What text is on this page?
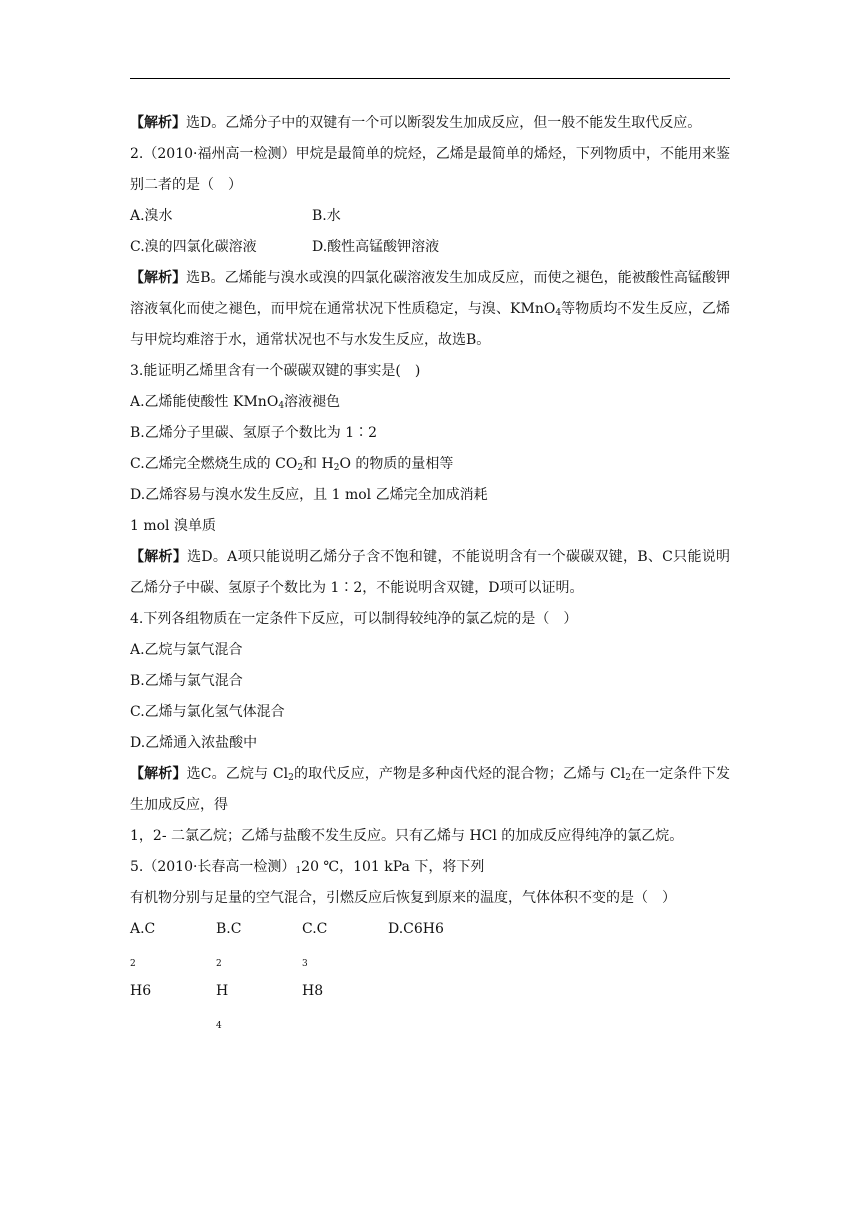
【解析】选D。乙烯分子中的双键有一个可以断裂发生加成反应，但一般不能发生取代反应。

2.（2010·福州高一检测）甲烷是最简单的烷烃，乙烯是最简单的烯烃，下列物质中，不能用来鉴别二者的是（　）

A.溴水	B.水
C.溴的四氯化碳溶液	D.酸性高锰酸钾溶液

【解析】选B。乙烯能与溴水或溴的四氯化碳溶液发生加成反应，而使之褪色，能被酸性高锰酸钾溶液氧化而使之褪色，而甲烷在通常状况下性质稳定，与溴、KMnO$_4$等物质均不发生反应，乙烯与甲烷均难溶于水，通常状况也不与水发生反应，故选B。

3.能证明乙烯里含有一个碳碳双键的事实是(　)
A.乙烯能使酸性 KMnO$_4$溶液褪色
B.乙烯分子里碳、氢原子个数比为 1∶2
C.乙烯完全燃烧生成的 $CO_2$和 $H_2O$ 的物质的量相等
D.乙烯容易与溴水发生反应，且 1 mol 乙烯完全加成消耗
1 mol 溴单质

【解析】选D。A项只能说明乙烯分子含不饱和键，不能说明含有一个碳碳双键，B、C只能说明乙烯分子中碳、氢原子个数比为 1∶2，不能说明含双键，D项可以证明。

4.下列各组物质在一定条件下反应，可以制得较纯净的氯乙烷的是（　）
A.乙烷与氯气混合
B.乙烯与氯气混合
C.乙烯与氯化氢气体混合
D.乙烯通入浓盐酸中

【解析】选C。乙烷与 $Cl_2$的取代反应，产物是多种卤代烃的混合物；乙烯与 $Cl_2$在一定条件下发生加成反应，得

1，2- 二氯乙烷；乙烯与盐酸不发生反应。只有乙烯与 HCl 的加成反应得纯净的氯乙烷。
5.（2010·长春高一检测）$_120$ ℃，101 kPa 下，将下列
有机物分别与足量的空气混合，引燃反应后恢复到原来的温度，气体体积不变的是（　）
$A.C_2H6$
$B.C_2H_4$
$C.C_3H8$
D.C6H6
